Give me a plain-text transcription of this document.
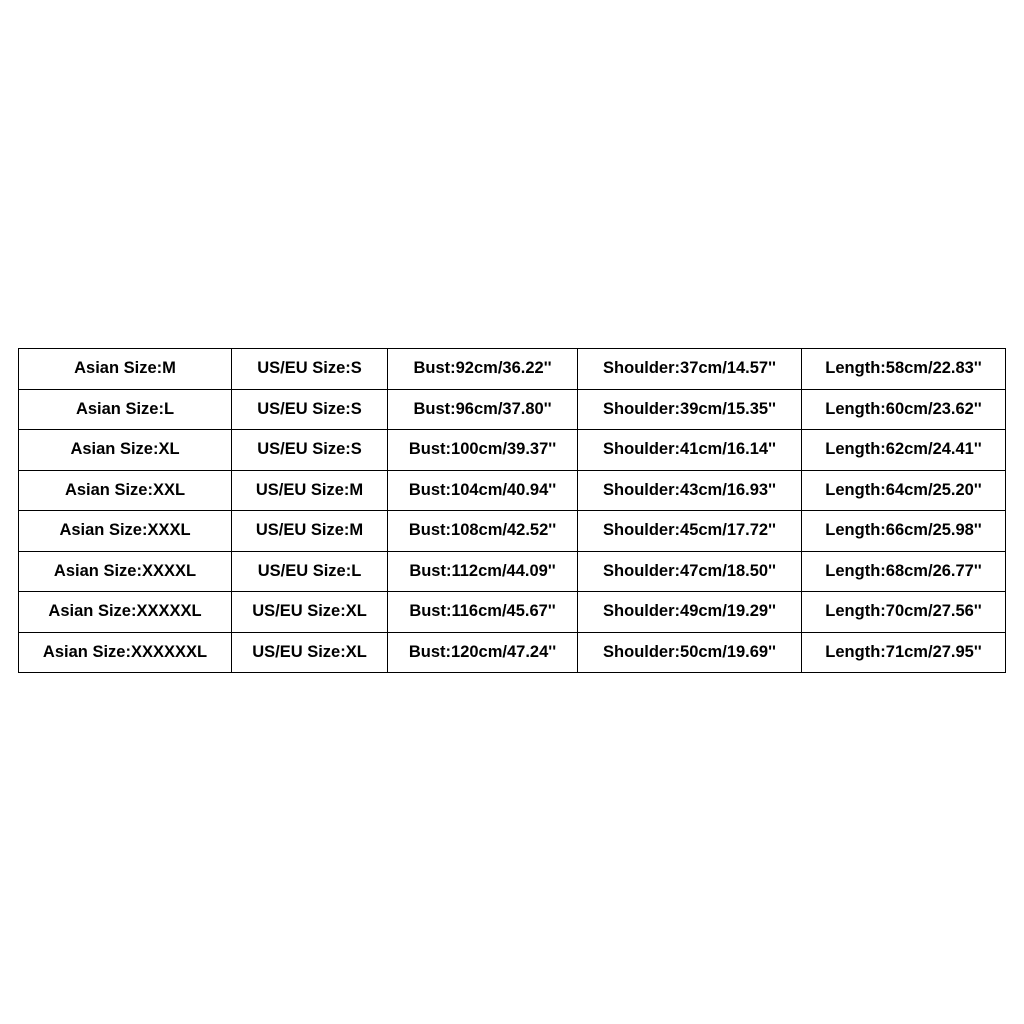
Asian Size:M	US/EU Size:S	Bust:92cm/36.22''	Shoulder:37cm/14.57''	Length:58cm/22.83''
Asian Size:L	US/EU Size:S	Bust:96cm/37.80''	Shoulder:39cm/15.35''	Length:60cm/23.62''
Asian Size:XL	US/EU Size:S	Bust:100cm/39.37''	Shoulder:41cm/16.14''	Length:62cm/24.41''
Asian Size:XXL	US/EU Size:M	Bust:104cm/40.94''	Shoulder:43cm/16.93''	Length:64cm/25.20''
Asian Size:XXXL	US/EU Size:M	Bust:108cm/42.52''	Shoulder:45cm/17.72''	Length:66cm/25.98''
Asian Size:XXXXL	US/EU Size:L	Bust:112cm/44.09''	Shoulder:47cm/18.50''	Length:68cm/26.77''
Asian Size:XXXXXL	US/EU Size:XL	Bust:116cm/45.67''	Shoulder:49cm/19.29''	Length:70cm/27.56''
Asian Size:XXXXXXL	US/EU Size:XL	Bust:120cm/47.24''	Shoulder:50cm/19.69''	Length:71cm/27.95''
